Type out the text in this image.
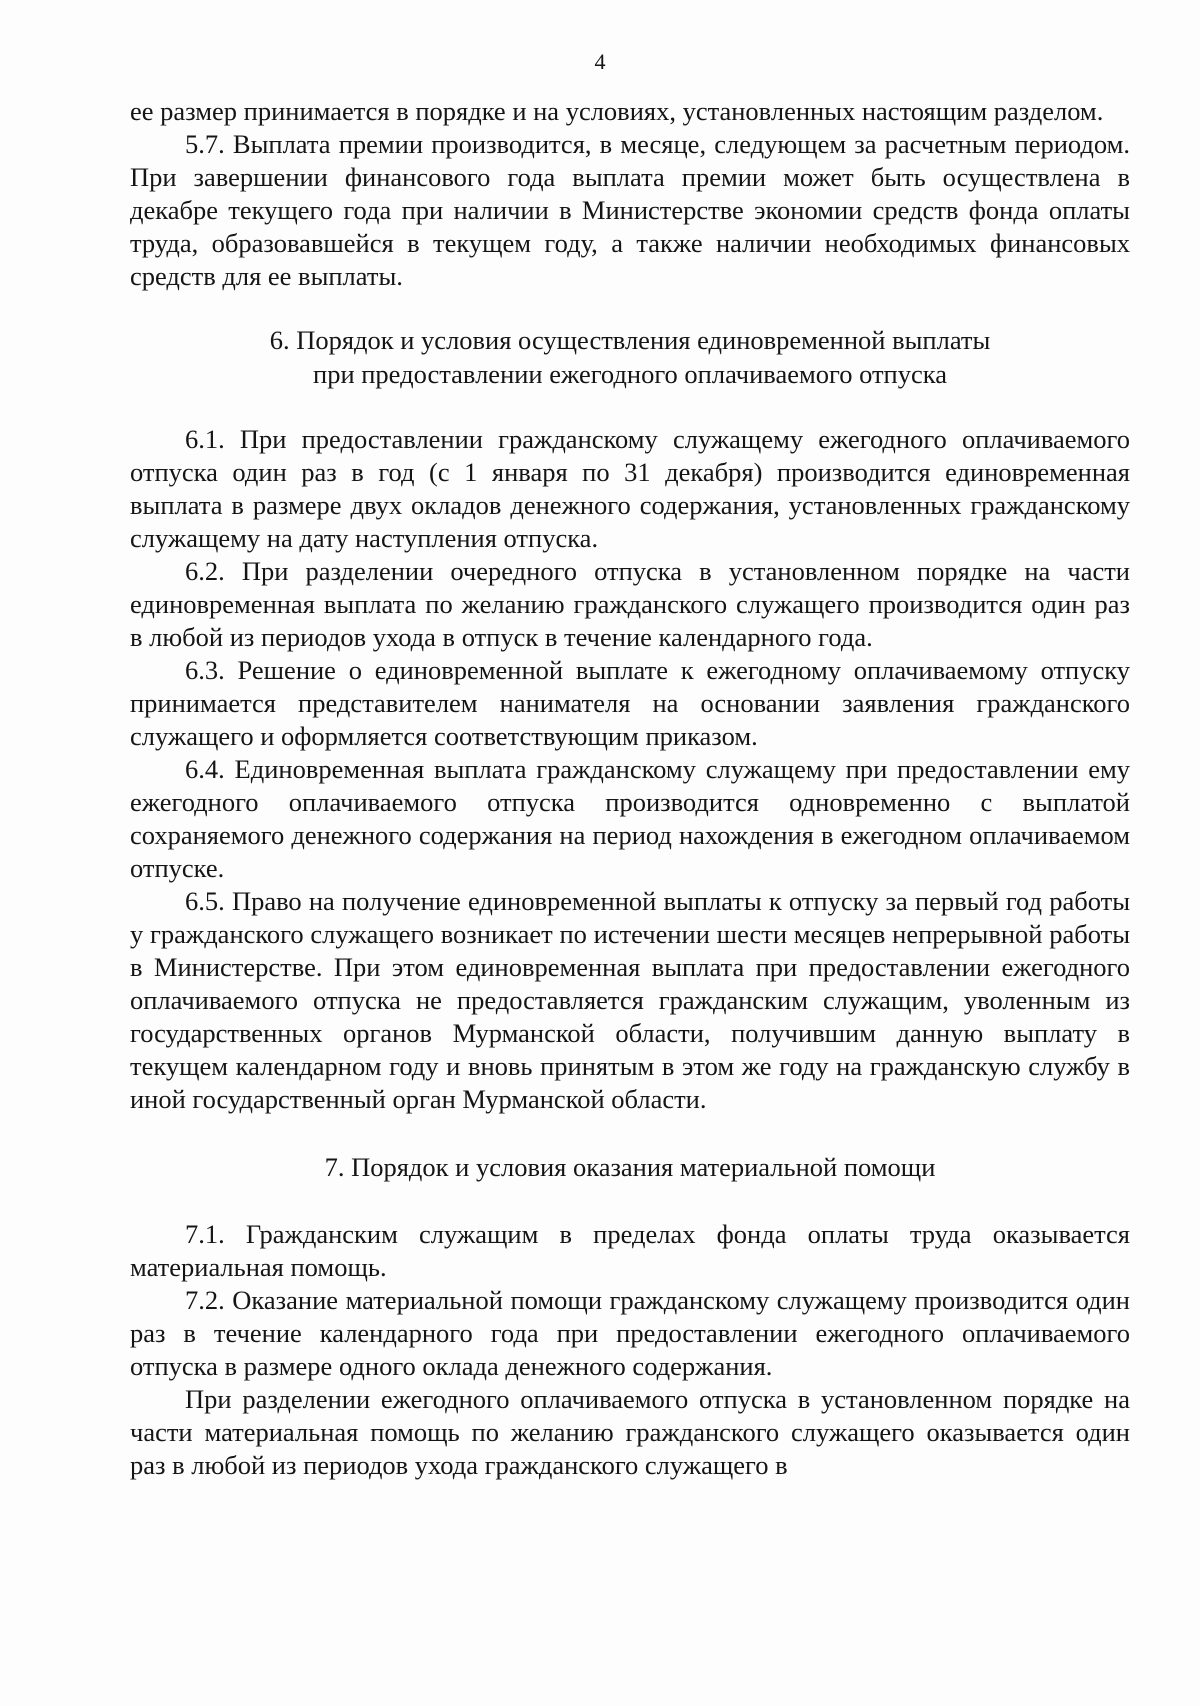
4

ее размер принимается в порядке и на условиях, установленных настоящим разделом.

5.7. Выплата премии производится, в месяце, следующем за расчетным периодом. При завершении финансового года выплата премии может быть осуществлена в декабре текущего года при наличии в Министерстве экономии средств фонда оплаты труда, образовавшейся в текущем году, а также наличии необходимых финансовых средств для ее выплаты.

6. Порядок и условия осуществления единовременной выплаты
при предоставлении ежегодного оплачиваемого отпуска

6.1. При предоставлении гражданскому служащему ежегодного оплачиваемого отпуска один раз в год (с 1 января по 31 декабря) производится единовременная выплата в размере двух окладов денежного содержания, установленных гражданскому служащему на дату наступления отпуска.

6.2. При разделении очередного отпуска в установленном порядке на части единовременная выплата по желанию гражданского служащего производится один раз в любой из периодов ухода в отпуск в течение календарного года.

6.3. Решение о единовременной выплате к ежегодному оплачиваемому отпуску принимается представителем нанимателя на основании заявления гражданского служащего и оформляется соответствующим приказом.

6.4. Единовременная выплата гражданскому служащему при предоставлении ему ежегодного оплачиваемого отпуска производится одновременно с выплатой сохраняемого денежного содержания на период нахождения в ежегодном оплачиваемом отпуске.

6.5. Право на получение единовременной выплаты к отпуску за первый год работы у гражданского служащего возникает по истечении шести месяцев непрерывной работы в Министерстве. При этом единовременная выплата при предоставлении ежегодного оплачиваемого отпуска не предоставляется гражданским служащим, уволенным из государственных органов Мурманской области, получившим данную выплату в текущем календарном году и вновь принятым в этом же году на гражданскую службу в иной государственный орган Мурманской области.

7. Порядок и условия оказания материальной помощи

7.1. Гражданским служащим в пределах фонда оплаты труда оказывается материальная помощь.

7.2. Оказание материальной помощи гражданскому служащему производится один раз в течение календарного года при предоставлении ежегодного оплачиваемого отпуска в размере одного оклада денежного содержания.

При разделении ежегодного оплачиваемого отпуска в установленном порядке на части материальная помощь по желанию гражданского служащего оказывается один раз в любой из периодов ухода гражданского служащего в
